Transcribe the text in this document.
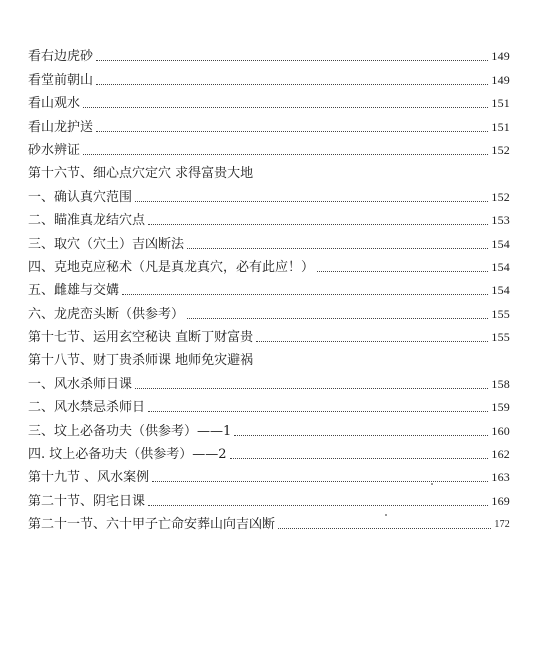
看右边虎砂	149
看堂前朝山	149
看山观水	151
看山龙护送	151
砂水辨证	152
第十六节、细心点穴定穴 求得富贵大地
一、确认真穴范围	152
二、瞄准真龙结穴点	153
三、取穴（穴土）吉凶断法	154
四、克地克应秘术（凡是真龙真穴，必有此应！）	154
五、雌雄与交媾	154
六、龙虎峦头断（供参考）	155
第十七节、运用玄空秘诀 直断丁财富贵	155
第十八节、财丁贵杀师课 地师免灾避祸
一、风水杀师日课	158
二、风水禁忌杀师日	159
三、坟上必备功夫（供参考）——1	160
四. 坟上必备功夫（供参考）——2	162
第十九节 、风水案例	163
第二十节、阴宅日课	169
第二十一节、六十甲子亡命安葬山向吉凶断	172
